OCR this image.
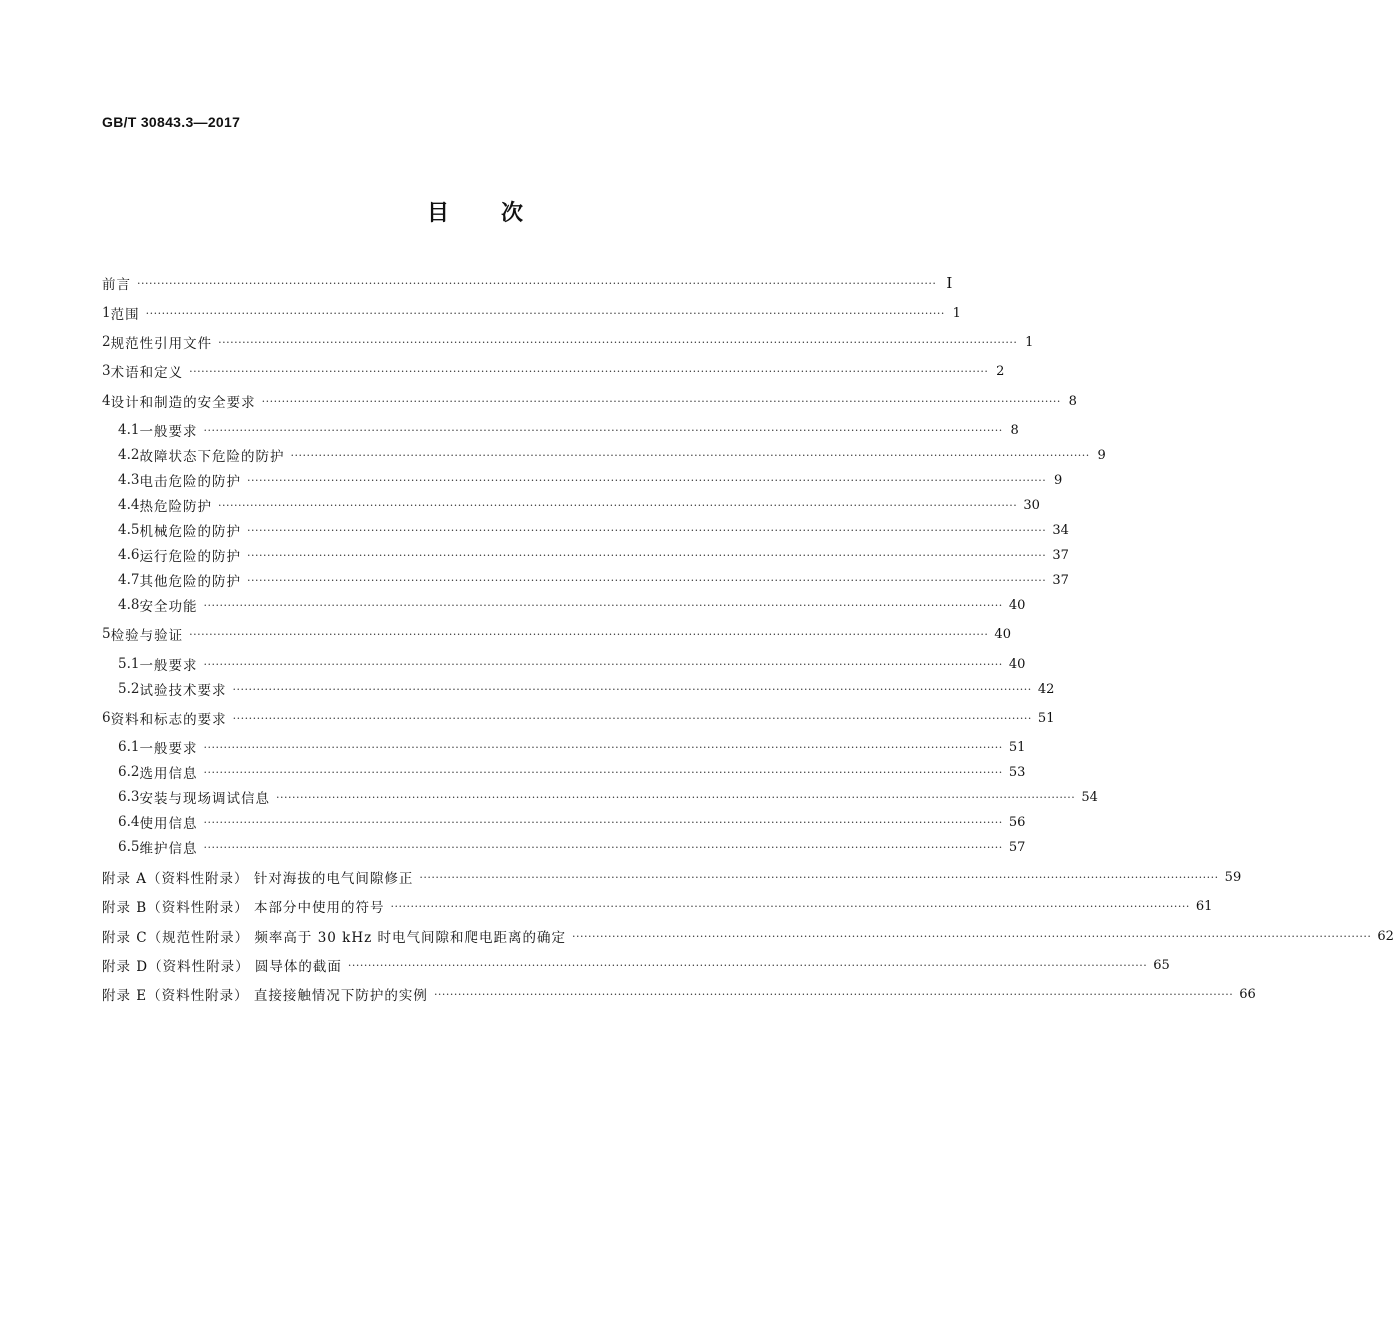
GB/T 30843.3—2017
目 次
前言 ········································································································································································································ Ⅰ
1 范围 ········································································································································································································ 1
2 规范性引用文件 ········································································································································································································ 1
3 术语和定义 ········································································································································································································ 2
4 设计和制造的安全要求 ········································································································································································································ 8
4.1 一般要求 ········································································································································································································ 8
4.2 故障状态下危险的防护 ········································································································································································································ 9
4.3 电击危险的防护 ········································································································································································································ 9
4.4 热危险防护 ········································································································································································································ 30
4.5 机械危险的防护 ········································································································································································································ 34
4.6 运行危险的防护 ········································································································································································································ 37
4.7 其他危险的防护 ········································································································································································································ 37
4.8 安全功能 ········································································································································································································ 40
5 检验与验证 ········································································································································································································ 40
5.1 一般要求 ········································································································································································································ 40
5.2 试验技术要求 ········································································································································································································ 42
6 资料和标志的要求 ········································································································································································································ 51
6.1 一般要求 ········································································································································································································ 51
6.2 选用信息 ········································································································································································································ 53
6.3 安装与现场调试信息 ········································································································································································································ 54
6.4 使用信息 ········································································································································································································ 56
6.5 维护信息 ········································································································································································································ 57
附录 A（资料性附录） 针对海拔的电气间隙修正 ········································································································································································································ 59
附录 B（资料性附录） 本部分中使用的符号 ········································································································································································································ 61
附录 C（规范性附录） 频率高于 30 kHz 时电气间隙和爬电距离的确定 ········································································································································································································ 62
附录 D（资料性附录） 圆导体的截面 ········································································································································································································ 65
附录 E（资料性附录） 直接接触情况下防护的实例 ········································································································································································································ 66
